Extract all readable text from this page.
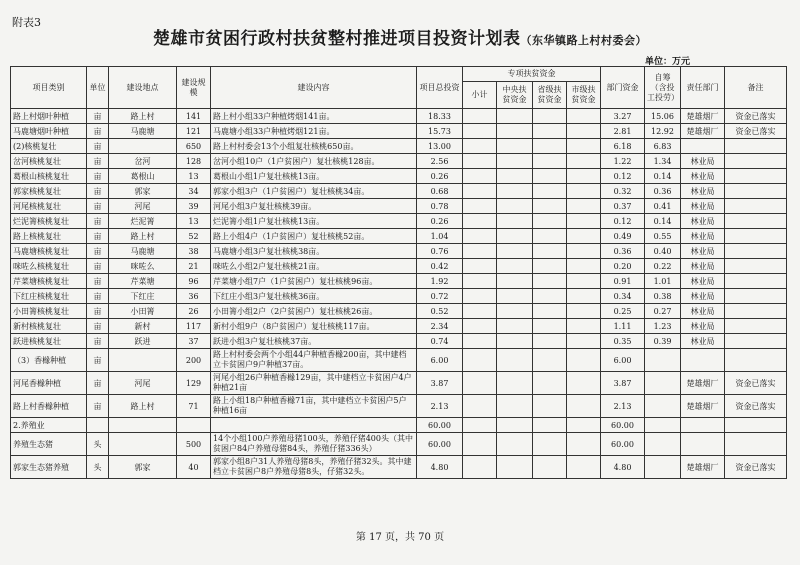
附表3
楚雄市贫困行政村扶贫整村推进项目投资计划表（东华镇路上村村委会）
单位：万元
项目类别	单位	建设地点	建设规模	建设内容	项目总投资	专项扶贫资金				部门资金	自筹（含投工投劳）	责任部门	备注
						小计	中央扶贫资金	省级扶贫资金	市级扶贫资金				
路上村烟叶种植	亩	路上村	141	路上村小组33户种植烤烟141亩。	18.33					3.27	15.06	楚雄烟厂	资金已落实
马鹿塘烟叶种植	亩	马鹿塘	121	马鹿塘小组33户种植烤烟121亩。	15.73					2.81	12.92	楚雄烟厂	资金已落实
(2)核桃复壮	亩		650	路上村村委会13个小组复壮核桃650亩。	13.00					6.18	6.83		
岔河核桃复壮	亩	岔河	128	岔河小组10户（1户贫困户）复壮核桃128亩。	2.56					1.22	1.34	林业局	
葛根山核桃复壮	亩	葛根山	13	葛根山小组1户复壮核桃13亩。	0.26					0.12	0.14	林业局	
郭家核桃复壮	亩	郭家	34	郭家小组3户（1户贫困户）复壮核桃34亩。	0.68					0.32	0.36	林业局	
河尾核桃复壮	亩	河尾	39	河尾小组3户复壮核桃39亩。	0.78					0.37	0.41	林业局	
烂泥箐核桃复壮	亩	烂泥箐	13	烂泥箐小组1户复壮核桃13亩。	0.26					0.12	0.14	林业局	
路上核桃复壮	亩	路上村	52	路上小组4户（1户贫困户）复壮核桃52亩。	1.04					0.49	0.55	林业局	
马鹿塘核桃复壮	亩	马鹿塘	38	马鹿塘小组3户复壮核桃38亩。	0.76					0.36	0.40	林业局	
咪咗么核桃复壮	亩	咪咗么	21	咪咗么小组2户复壮核桃21亩。	0.42					0.20	0.22	林业局	
芹菜塘核桃复壮	亩	芹菜塘	96	芹菜塘小组7户（1户贫困户）复壮核桃96亩。	1.92					0.91	1.01	林业局	
下红庄核桃复壮	亩	下红庄	36	下红庄小组3户复壮核桃36亩。	0.72					0.34	0.38	林业局	
小田箐核桃复壮	亩	小田箐	26	小田箐小组2户（2户贫困户）复壮核桃26亩。	0.52					0.25	0.27	林业局	
新村核桃复壮	亩	新村	117	新村小组9户（8户贫困户）复壮核桃117亩。	2.34					1.11	1.23	林业局	
跃进核桃复壮	亩	跃进	37	跃进小组3户复壮核桃37亩。	0.74					0.35	0.39	林业局	
（3）香橼种植	亩		200	路上村村委会两个小组44户种植香橼200亩，其中建档立卡贫困户9户种植37亩。	6.00					6.00			
河尾香橼种植	亩	河尾	129	河尾小组26户种植香橼129亩，其中建档立卡贫困户4户种植21亩	3.87					3.87		楚雄烟厂	资金已落实
路上村香橼种植	亩	路上村	71	路上小组18户种植香橼71亩，其中建档立卡贫困户5户种植16亩	2.13					2.13		楚雄烟厂	资金已落实
2.养殖业					60.00					60.00			
养殖生态猪	头		500	14个小组100户养殖母猪100头，养殖仔猪400头（其中贫困户84户养殖母猪84头，养殖仔猪336头）	60.00					60.00			
郭家生态猪养殖	头	郭家	40	郭家小组8户31人养殖母猪8头，养殖仔猪32头。其中建档立卡贫困户8户养殖母猪8头，仔猪32头。	4.80					4.80		楚雄烟厂	资金已落实
第 17 页，共 70 页
